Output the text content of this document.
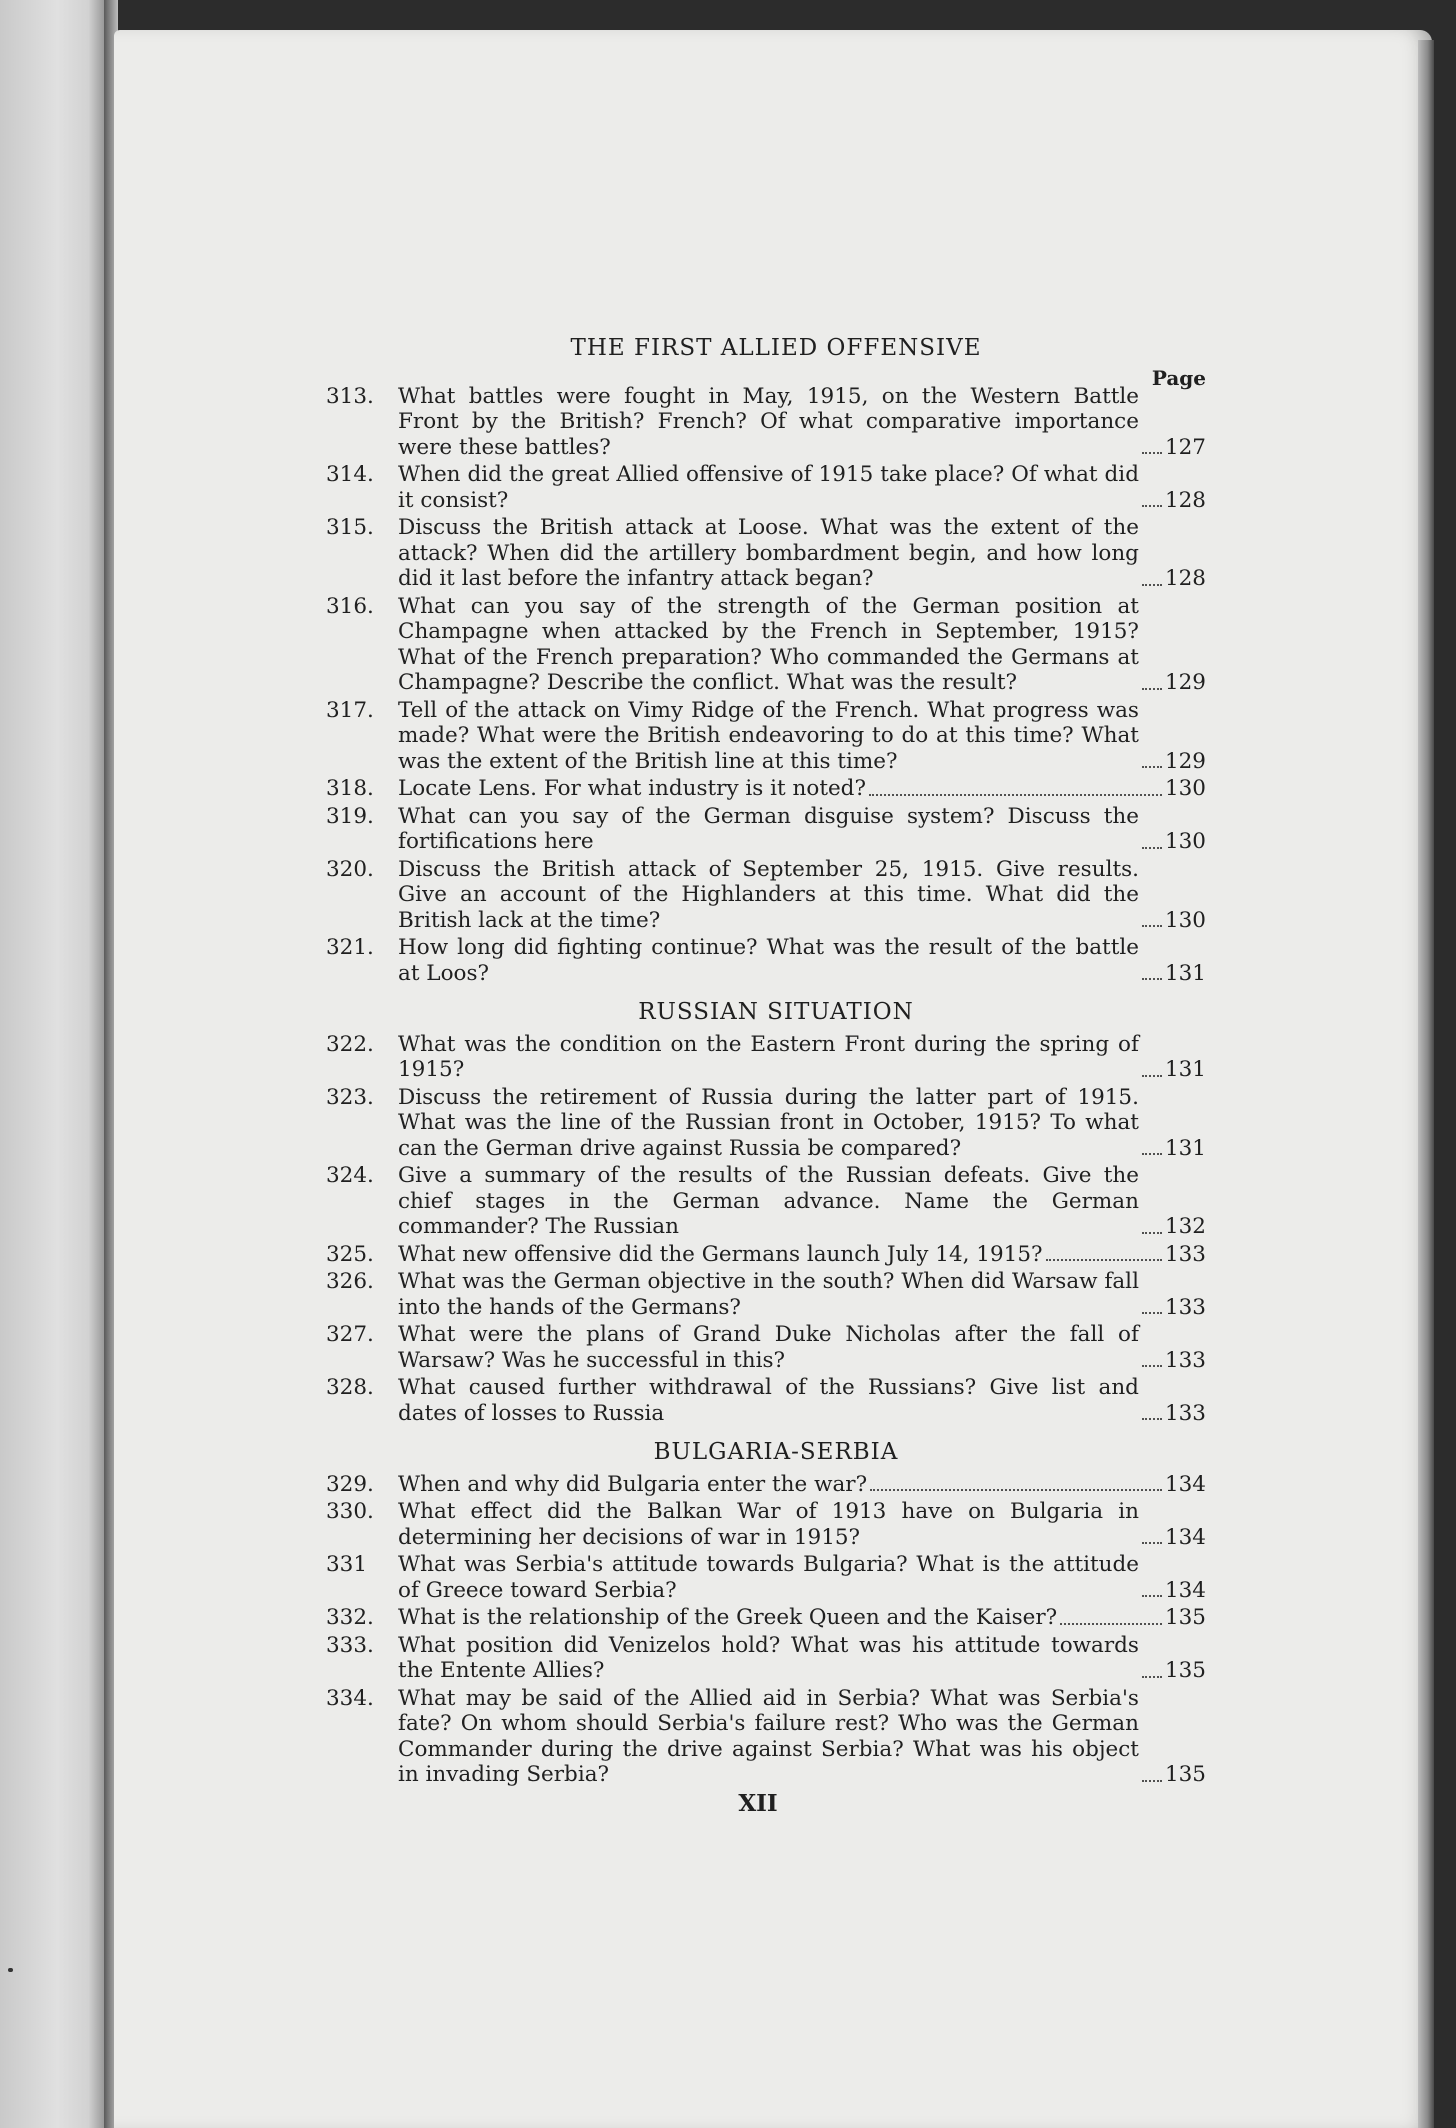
THE FIRST ALLIED OFFENSIVE
Page
313.	What battles were fought in May, 1915, on the Western Battle Front by the British? French? Of what comparative importance were these battles?	127
314.	When did the great Allied offensive of 1915 take place? Of what did it consist?	128
315.	Discuss the British attack at Loose. What was the extent of the attack? When did the artillery bombardment begin, and how long did it last before the infantry attack began?	128
316.	What can you say of the strength of the German position at Champagne when attacked by the French in September, 1915? What of the French preparation? Who commanded the Germans at Champagne? Describe the conflict. What was the result?	129
317.	Tell of the attack on Vimy Ridge of the French. What progress was made? What were the British endeavoring to do at this time? What was the extent of the British line at this time?	129
318.	Locate Lens. For what industry is it noted?	130
319.	What can you say of the German disguise system? Discuss the fortifications here	130
320.	Discuss the British attack of September 25, 1915. Give results. Give an account of the Highlanders at this time. What did the British lack at the time?	130
321.	How long did fighting continue? What was the result of the battle at Loos?	131
RUSSIAN SITUATION
322.	What was the condition on the Eastern Front during the spring of 1915?	131
323.	Discuss the retirement of Russia during the latter part of 1915. What was the line of the Russian front in October, 1915? To what can the German drive against Russia be compared?	131
324.	Give a summary of the results of the Russian defeats. Give the chief stages in the German advance. Name the German commander? The Russian	132
325.	What new offensive did the Germans launch July 14, 1915?	133
326.	What was the German objective in the south? When did Warsaw fall into the hands of the Germans?	133
327.	What were the plans of Grand Duke Nicholas after the fall of Warsaw? Was he successful in this?	133
328.	What caused further withdrawal of the Russians? Give list and dates of losses to Russia	133
BULGARIA-SERBIA
329.	When and why did Bulgaria enter the war?	134
330.	What effect did the Balkan War of 1913 have on Bulgaria in determining her decisions of war in 1915?	134
331	What was Serbia's attitude towards Bulgaria? What is the attitude of Greece toward Serbia?	134
332.	What is the relationship of the Greek Queen and the Kaiser?	135
333.	What position did Venizelos hold? What was his attitude towards the Entente Allies?	135
334.	What may be said of the Allied aid in Serbia? What was Serbia's fate? On whom should Serbia's failure rest? Who was the German Commander during the drive against Serbia? What was his object in invading Serbia?	135
XII
